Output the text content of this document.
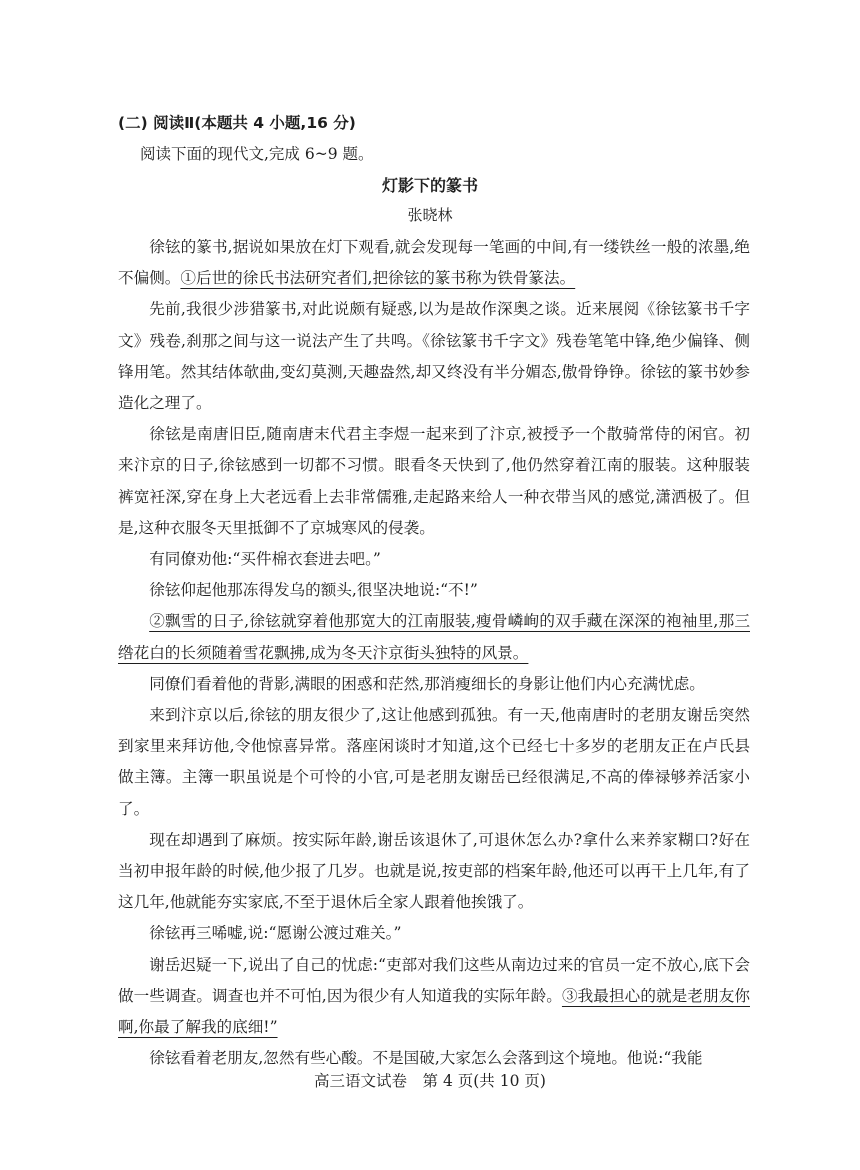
(二) 阅读Ⅱ(本题共 4 小题,16 分)
阅读下面的现代文,完成 6~9 题。
灯影下的篆书
张晓林

徐铉的篆书,据说如果放在灯下观看,就会发现每一笔画的中间,有一缕铁丝一般的浓墨,绝不偏侧。①后世的徐氏书法研究者们,把徐铉的篆书称为铁骨篆法。

先前,我很少涉猎篆书,对此说颇有疑惑,以为是故作深奥之谈。近来展阅《徐铉篆书千字文》残卷,刹那之间与这一说法产生了共鸣。《徐铉篆书千字文》残卷笔笔中锋,绝少偏锋、侧锋用笔。然其结体欹曲,变幻莫测,天趣盎然,却又终没有半分媚态,傲骨铮铮。徐铉的篆书妙参造化之理了。

徐铉是南唐旧臣,随南唐末代君主李煜一起来到了汴京,被授予一个散骑常侍的闲官。初来汴京的日子,徐铉感到一切都不习惯。眼看冬天快到了,他仍然穿着江南的服装。这种服装裤宽衽深,穿在身上大老远看上去非常儒雅,走起路来给人一种衣带当风的感觉,潇洒极了。但是,这种衣服冬天里抵御不了京城寒风的侵袭。

有同僚劝他:“买件棉衣套进去吧。”

徐铉仰起他那冻得发乌的额头,很坚决地说:“不!”

②飘雪的日子,徐铉就穿着他那宽大的江南服装,瘦骨嶙峋的双手藏在深深的袍袖里,那三绺花白的长须随着雪花飘拂,成为冬天汴京街头独特的风景。

同僚们看着他的背影,满眼的困惑和茫然,那消瘦细长的身影让他们内心充满忧虑。

来到汴京以后,徐铉的朋友很少了,这让他感到孤独。有一天,他南唐时的老朋友谢岳突然到家里来拜访他,令他惊喜异常。落座闲谈时才知道,这个已经七十多岁的老朋友正在卢氏县做主簿。主簿一职虽说是个可怜的小官,可是老朋友谢岳已经很满足,不高的俸禄够养活家小了。

现在却遇到了麻烦。按实际年龄,谢岳该退休了,可退休怎么办?拿什么来养家糊口?好在当初申报年龄的时候,他少报了几岁。也就是说,按吏部的档案年龄,他还可以再干上几年,有了这几年,他就能夯实家底,不至于退休后全家人跟着他挨饿了。

徐铉再三唏嘘,说:“愿谢公渡过难关。”

谢岳迟疑一下,说出了自己的忧虑:“吏部对我们这些从南边过来的官员一定不放心,底下会做一些调查。调查也并不可怕,因为很少有人知道我的实际年龄。③我最担心的就是老朋友你啊,你最了解我的底细!”

徐铉看着老朋友,忽然有些心酸。不是国破,大家怎么会落到这个境地。他说:“我能

高三语文试卷　第 4 页(共 10 页)
